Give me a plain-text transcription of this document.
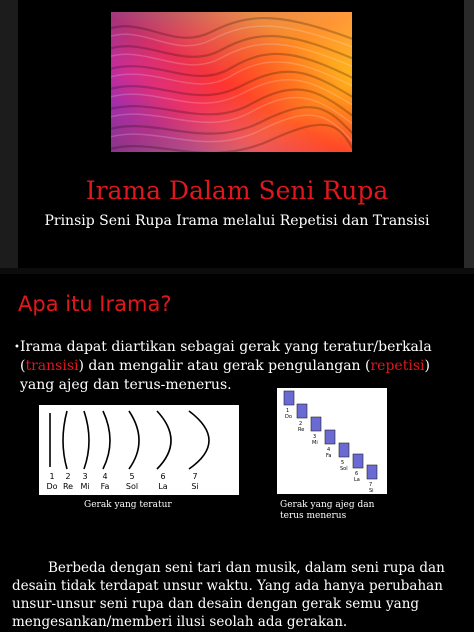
Irama Dalam Seni Rupa
Prinsip Seni Rupa Irama melalui Repetisi dan Transisi
Apa itu Irama?
• Irama dapat diartikan sebagai gerak yang teratur/berkala (transisi) dan mengalir atau gerak pengulangan (repetisi) yang ajeg dan terus-menerus.
1 2 3 4	5	6	7
Do Re Mi Fa Sol	La	Si
Gerak yang teratur
1
2
3
4
5
6
7
Do
Re
Mi
Fa
Sol
La
Si
Gerak yang ajeg dan terus menerus
Berbeda dengan seni tari dan musik, dalam seni rupa dan desain tidak terdapat unsur waktu. Yang ada hanya perubahan unsur-unsur seni rupa dan desain dengan gerak semu yang mengesankan/memberi ilusi seolah ada gerakan.
